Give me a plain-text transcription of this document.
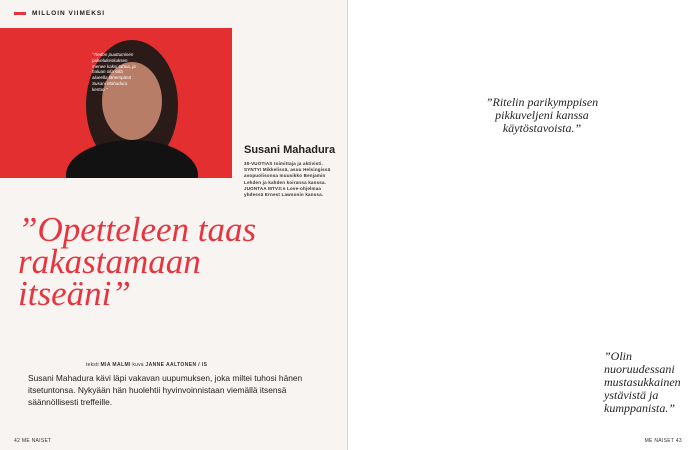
MILLOIN VIIMEKSI
"Tiedon puuttuminen palvelukeskuksen menee kaksi tahoa, ja haluan olla sillä alueella lähempänä Susani Mahadura kertoo."
Susani Mahadura
30-VUOTIAS toimittaja ja aktivisti. SYNTYI Mikkelissä, asuu Helsingissä avopuolisonsa muusikko Benjamin Lehden ja kahden koiransa kanssa. JUONTAA MTV3:n Love-ohjelmaa yhdessä Ernest Lawsonin kanssa.
”Opetteleen taas rakastamaan itseäni”
teksti MIA MALMI kuva JANNE AALTONEN / IS
Susani Mahadura kävi läpi vakavan uupumuksen, joka miltei tuhosi hänen itsetuntonsa. Nykyään hän huolehtii hyvinvoinnistaan viemällä itsensä säännöllisesti treffeille.
42 ME NAISET	ME NAISET 43
”Ritelin parikymppisen pikkuveljeni kanssa käytöstavoista.”
”Olin nuoruudessani mustasukkainen ystävistä ja kumppanista.”
